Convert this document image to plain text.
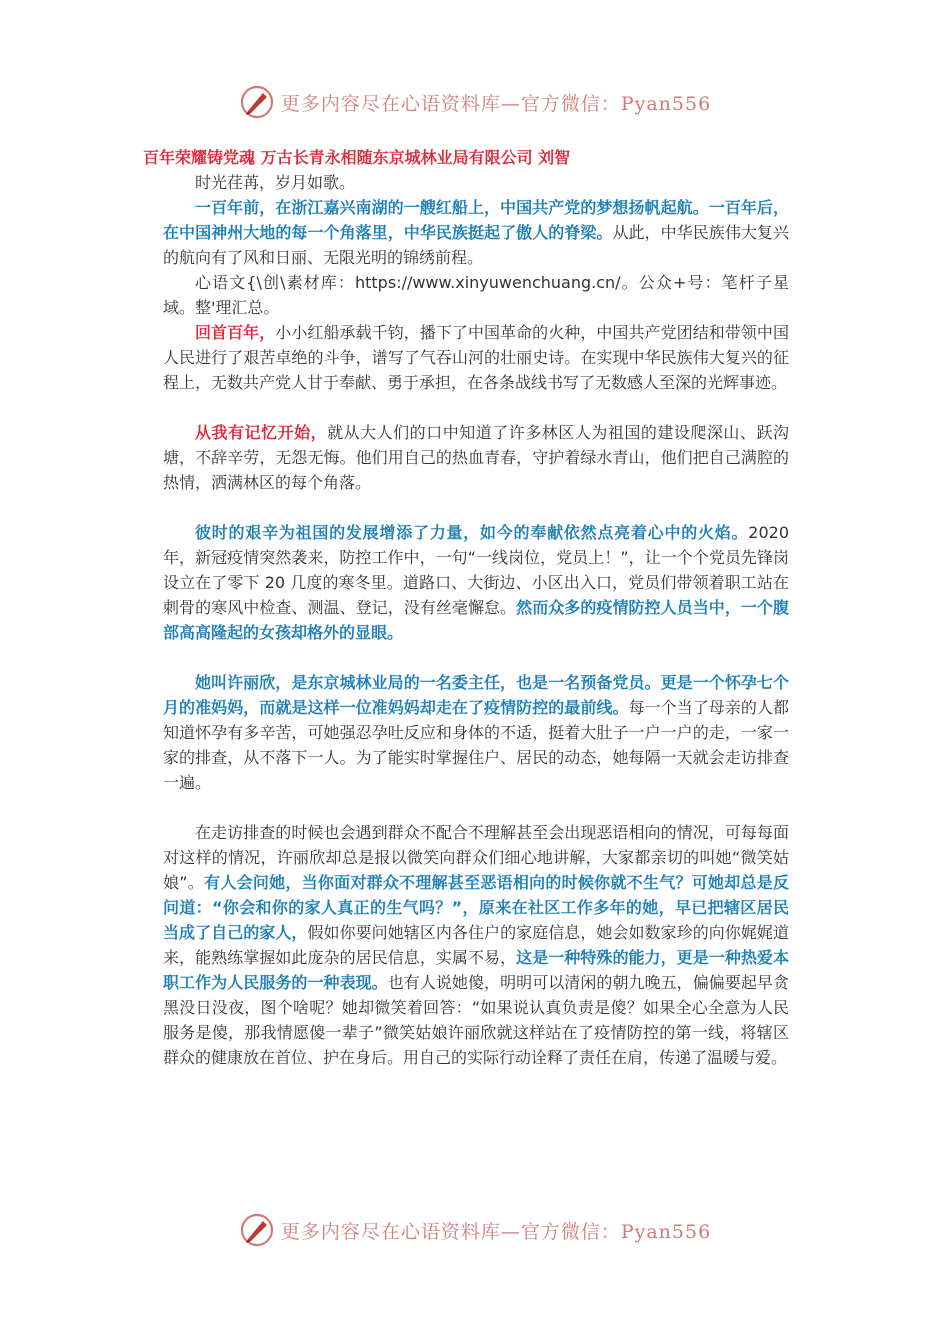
更多内容尽在心语资料库—官方微信：Pyan556

百年荣耀铸党魂 万古长青永相随东京城林业局有限公司 刘智

时光荏苒，岁月如歌。

一百年前，在浙江嘉兴南湖的一艘红船上，中国共产党的梦想扬帆起航。一百年后，在中国神州大地的每一个角落里，中华民族挺起了傲人的脊梁。从此，中华民族伟大复兴的航向有了风和日丽、无限光明的锦绣前程。

心语文{\创\素材库：https://www.xinyuwenchuang.cn/。公众+号：笔杆子星域。整'理汇总。

回首百年，小小红船承载千钧，播下了中国革命的火种，中国共产党团结和带领中国人民进行了艰苦卓绝的斗争，谱写了气吞山河的壮丽史诗。在实现中华民族伟大复兴的征程上，无数共产党人甘于奉献、勇于承担，在各条战线书写了无数感人至深的光辉事迹。

从我有记忆开始，就从大人们的口中知道了许多林区人为祖国的建设爬深山、跃沟塘，不辞辛劳，无怨无悔。他们用自己的热血青春，守护着绿水青山，他们把自己满腔的热情，洒满林区的每个角落。

彼时的艰辛为祖国的发展增添了力量，如今的奉献依然点亮着心中的火焰。2020 年，新冠疫情突然袭来，防控工作中，一句“一线岗位，党员上！”，让一个个党员先锋岗设立在了零下 20 几度的寒冬里。道路口、大街边、小区出入口，党员们带领着职工站在刺骨的寒风中检查、测温、登记，没有丝毫懈怠。然而众多的疫情防控人员当中，一个腹部高高隆起的女孩却格外的显眼。

她叫许丽欣，是东京城林业局的一名委主任，也是一名预备党员。更是一个怀孕七个月的准妈妈，而就是这样一位准妈妈却走在了疫情防控的最前线。每一个当了母亲的人都知道怀孕有多辛苦，可她强忍孕吐反应和身体的不适，挺着大肚子一户一户的走，一家一家的排查，从不落下一人。为了能实时掌握住户、居民的动态，她每隔一天就会走访排查一遍。

在走访排查的时候也会遇到群众不配合不理解甚至会出现恶语相向的情况，可每每面对这样的情况，许丽欣却总是报以微笑向群众们细心地讲解，大家都亲切的叫她“微笑姑娘”。有人会问她，当你面对群众不理解甚至恶语相向的时候你就不生气？可她却总是反问道：“你会和你的家人真正的生气吗？”，原来在社区工作多年的她，早已把辖区居民当成了自己的家人，假如你要问她辖区内各住户的家庭信息，她会如数家珍的向你娓娓道来，能熟练掌握如此庞杂的居民信息，实属不易，这是一种特殊的能力，更是一种热爱本职工作为人民服务的一种表现。也有人说她傻，明明可以清闲的朝九晚五，偏偏要起早贪黑没日没夜，图个啥呢？她却微笑着回答：“如果说认真负责是傻？如果全心全意为人民服务是傻，那我情愿傻一辈子”微笑姑娘许丽欣就这样站在了疫情防控的第一线，将辖区群众的健康放在首位、护在身后。用自己的实际行动诠释了责任在肩，传递了温暖与爱。

更多内容尽在心语资料库—官方微信：Pyan556
